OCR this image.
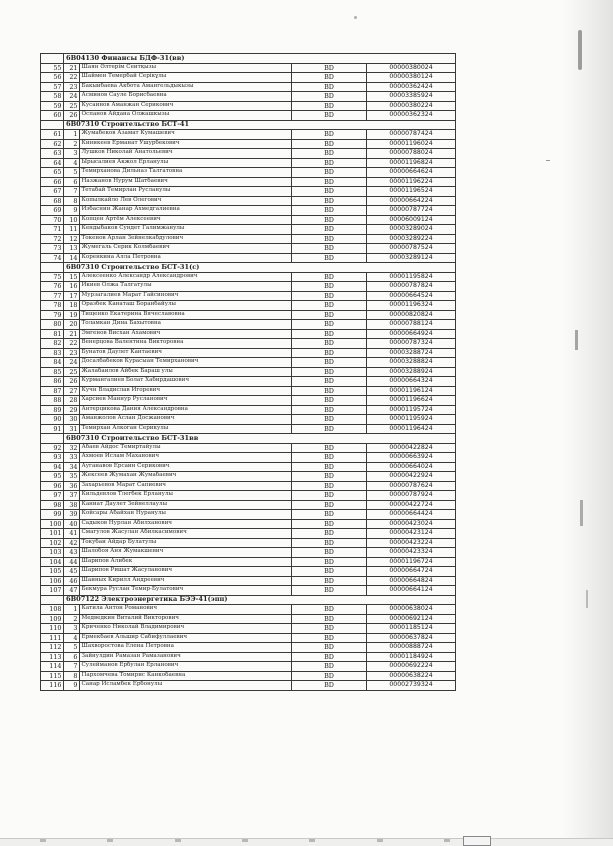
	6В04130 Финансы БДФ-31(вв)			
55	21	Шаян Әлтерім Сеитқызы	BD	00000380024
56	22	Шаймен Темербай Серікұлы	BD	00000380124
57	23	Бакыибаева Акбота Амангельдыкызы	BD	00000362424
58	24	Асминов Сауле Борисбаевна	BD	00003385924
59	25	Кусаинов Аманжан Серикович	BD	00000380224
60	26	Оспанов Айдана Олжашкызы	BD	00000362324
	6В07310 Строительство БСТ-41			
61	1	Жумабеков Азамат Кумашевич	BD	00000787424
62	2	Киникеев Ерманат Ушурбекович	BD	00001196024
63	3	Лушков Николай Анатольевич	BD	00000788024
64	4	Ырысалиев Акжол Ерланулы	BD	00001196824
65	5	Темирханова Дильназ Талгатовна	BD	00000664624
66	6	Назжанов Нурум Шатбаевич	BD	00001196224
67	7	Тетабай Темирлан Русланулы	BD	00001196524
68	8	Копылкайло Лев Олегович	BD	00000664224
69	9	Избаснин Жанар Ахмедгалиевна	BD	00000787724
70	10	Копцен Артём Алексеевич	BD	00006009124
71	11	Кендыбаков Сундет Галимжанулы	BD	00003289024
72	12	Токенов Арлан Зейнелкабдулович	BD	00003289224
73	13	Жумегаль Серик Колмбаевич	BD	00000787524
74	14	Коренкина Алла Петровна	BD	00003289124
	6В07310 Строительство БСТ-31(с)			
75	15	Алексеенко Александр Александрович	BD	00001195824
76	16	Икиев Олжа Талгатулы	BD	00000787824
77	17	Мурзагалиев Марат Гайсинович	BD	00000664524
78	18	Оразбек Канаташ Боранбайулы	BD	00001196324
79	19	Тищенко Екатерина Вячеславовна	BD	00000820824
80	20	Толамкан Дина Бахытовна	BD	00000788124
81	21	Эмгенов Висхан Ахамович	BD	00000664924
82	22	Венерцова Валентина Викторовна	BD	00000787324
83	23	Бунатов Даулет Кантаевич	BD	00003288724
84	24	Досалбабеков Курасыан Темирханович	BD	00003288824
85	25	Жалабаилов Айбек Бараш улы	BD	00003288924
86	26	Курмангалиев Болат Хабирдашович	BD	00000664324
87	27	Кучн Владислав Игоревич	BD	00001196124
88	28	Харсиев Маннур Русланович	BD	00001196624
89	29	Антерцикова Дания Александровна	BD	00001195724
90	30	Аманжолов Аслан Досжанович	BD	00001195924
91	31	Темирхан Алкоган Серикулы	BD	00001196424
	6В07310 Строительство БСТ-31вв			
92	32	Абаев Айдос Темиртайулы	BD	00000422824
93	33	Ахмоев Ислам Маханович	BD	00000663924
94	34	Ауганавов Ерсаин Серикович	BD	00000664024
95	35	Жексеев Жумахан Жумабаевич	BD	00000422924
96	36	Захарьевов Марат Сапиевич	BD	00000787624
97	37	Кильдевлов Тлегбек Ерланулы	BD	00000787924
98	38	Каниат Даулет Зейнеллаулы	BD	00000422724
99	39	Койсары Абайхан Нуранулы	BD	00000664424
100	40	Садыков Нурлан Абилханович	BD	00000423024
101	41	Смагулов Жасулан Абилкасимович	BD	00000423124
102	42	Токубаи Айдар Булатулы	BD	00000423224
103	43	Шалобоя Аня Жумакшевич	BD	00000423324
104	44	Шарипов Алибек	BD	00001196724
105	45	Шарипов Ришат Жасуланович	BD	00000664724
106	46	Шаиных Кирилл Андреевич	BD	00000664824
107	47	Бекмура Руслан Темир-Булатович	BD	00000664124
	6В07122 Электроэнергетика БЭЭ-41(эпп)			
108	1	Катила Антон Романович	BD	00000638024
109	2	Медведкин Виталий Викторович	BD	00000692124
110	3	Криченко Николай Владимирович	BD	00001185124
111	4	Ермекбаев Альшир Сабифуллаевич	BD	00000637824
112	5	Шахворостова Елена Петровна	BD	00000888724
113	6	Зайнулдин Рамазан Рамазанович	BD	00001184924
114	7	Сулейманов Ербулан Ерланович	BD	00000692224
115	8	Пархомчева Томирис Канкобаевна	BD	00000638224
116	9	Санар Исламбек Ербонулы	BD	00002739324
